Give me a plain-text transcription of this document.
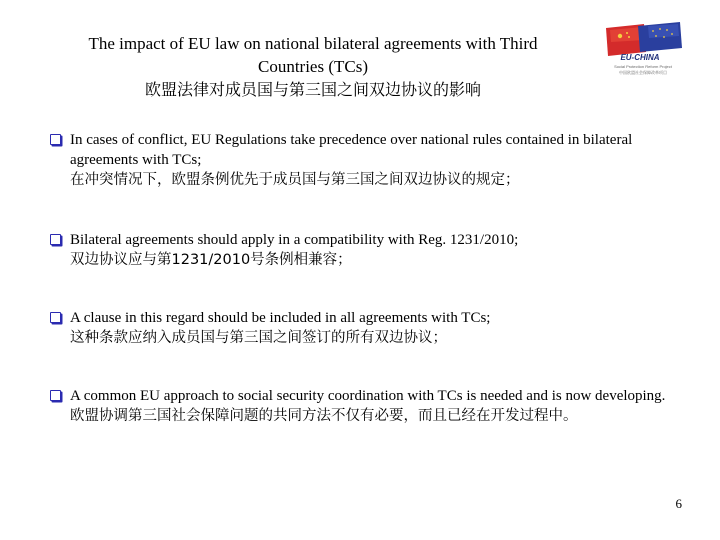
The impact of EU law on national bilateral agreements with Third
Countries (TCs)
欧盟法律对成员国与第三国之间双边协议的影响
EU-CHINA
Social Protection Reform Project
中国欧盟社会保障改革项目
In cases of conflict, EU Regulations take precedence over national rules contained in bilateral agreements with TCs;
在冲突情况下，欧盟条例优先于成员国与第三国之间双边协议的规定；
Bilateral agreements should apply in a compatibility with Reg. 1231/2010;
双边协议应与第1231/2010号条例相兼容；
A clause in this regard should be included in all agreements with TCs;
这种条款应纳入成员国与第三国之间签订的所有双边协议；
A common EU approach to social security coordination with TCs is needed and is now developing.
欧盟协调第三国社会保障问题的共同方法不仅有必要，而且已经在开发过程中。
6
